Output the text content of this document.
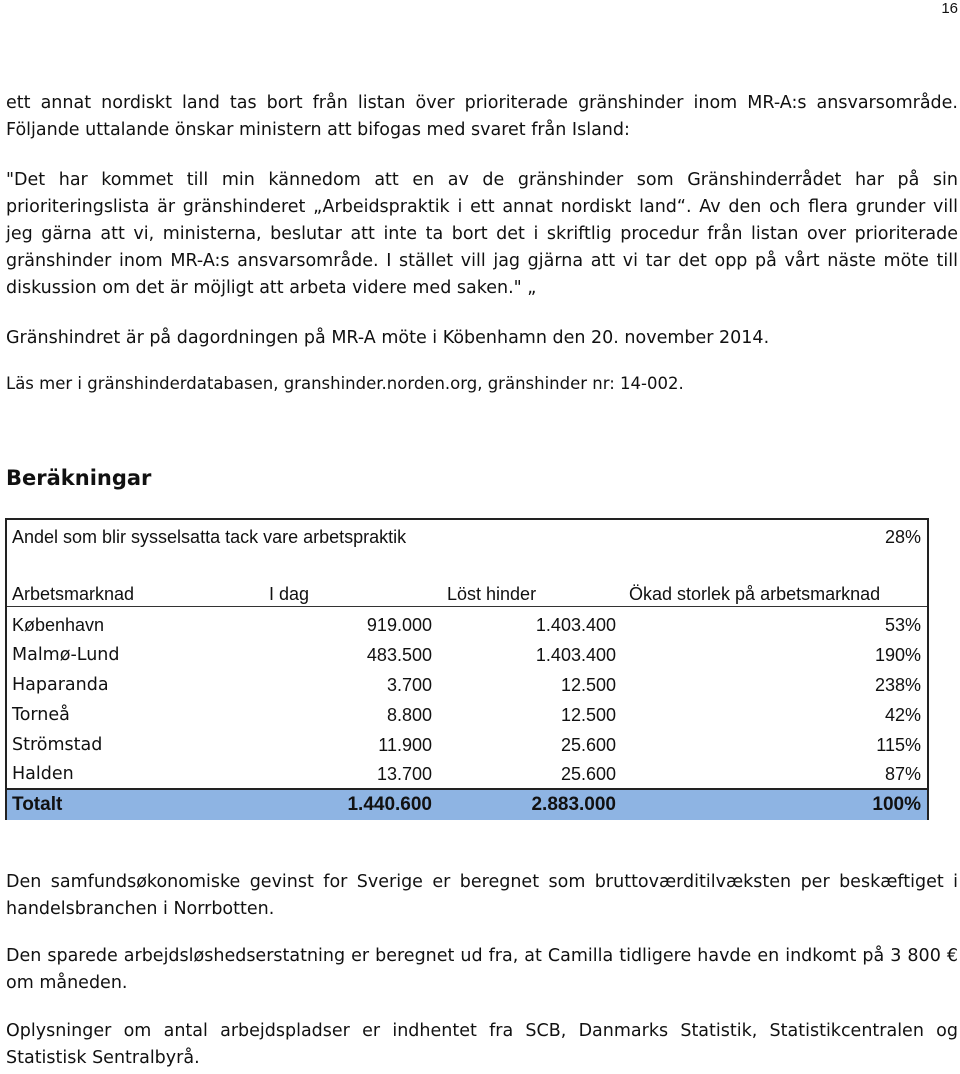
16

ett annat nordiskt land tas bort från listan över prioriterade gränshinder inom MR-A:s ansvarsområde. Följande uttalande önskar ministern att bifogas med svaret från Island:

"Det har kommet till min kännedom att en av de gränshinder som Gränshinderrådet har på sin prioriteringslista är gränshinderet „Arbeidspraktik i ett annat nordiskt land“. Av den och flera grunder vill jeg gärna att vi, ministerna, beslutar att inte ta bort det i skriftlig procedur från listan over prioriterade gränshinder inom MR-A:s ansvarsområde. I stället vill jag gjärna att vi tar det opp på vårt näste möte till diskussion om det är möjligt att arbeta videre med saken." „

Gränshindret är på dagordningen på MR-A möte i Köbenhamn den 20. november 2014.

Läs mer i gränshinderdatabasen, granshinder.norden.org, gränshinder nr: 14-002.

Beräkningar
Andel som blir sysselsatta tack vare arbetspraktik	28%
Arbetsmarknad	I dag	Löst hinder	Ökad storlek på arbetsmarknad
København	919.000	1.403.400	53%
Malmø-Lund	483.500	1.403.400	190%
Haparanda	3.700	12.500	238%
Torneå	8.800	12.500	42%
Strömstad	11.900	25.600	115%
Halden	13.700	25.600	87%
Totalt	1.440.600	2.883.000	100%

Den samfundsøkonomiske gevinst for Sverige er beregnet som bruttoværditilvæksten per beskæftiget i handelsbranchen i Norrbotten.

Den sparede arbejdsløshedserstatning er beregnet ud fra, at Camilla tidligere havde en indkomt på 3 800 € om måneden.

Oplysninger om antal arbejdspladser er indhentet fra SCB, Danmarks Statistik, Statistikcentralen og Statistisk Sentralbyrå.
